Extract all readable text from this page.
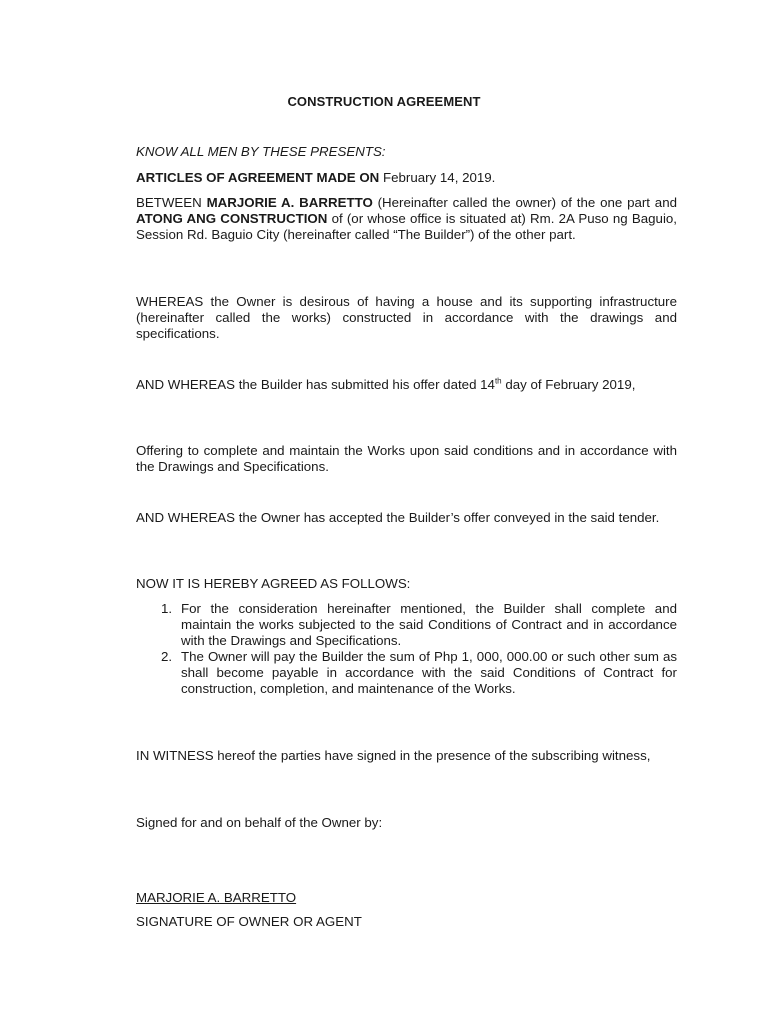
CONSTRUCTION AGREEMENT

KNOW ALL MEN BY THESE PRESENTS:

ARTICLES OF AGREEMENT MADE ON February 14, 2019.

BETWEEN MARJORIE A. BARRETTO (Hereinafter called the owner) of the one part and ATONG ANG CONSTRUCTION of (or whose office is situated at) Rm. 2A Puso ng Baguio, Session Rd. Baguio City (hereinafter called “The Builder”) of the other part.

WHEREAS the Owner is desirous of having a house and its supporting infrastructure (hereinafter called the works) constructed in accordance with the drawings and specifications.

AND WHEREAS the Builder has submitted his offer dated 14th day of February 2019,

Offering to complete and maintain the Works upon said conditions and in accordance with the Drawings and Specifications.

AND WHEREAS the Owner has accepted the Builder’s offer conveyed in the said tender.

NOW IT IS HEREBY AGREED AS FOLLOWS:

1. For the consideration hereinafter mentioned, the Builder shall complete and maintain the works subjected to the said Conditions of Contract and in accordance with the Drawings and Specifications.
2. The Owner will pay the Builder the sum of Php 1, 000, 000.00 or such other sum as shall become payable in accordance with the said Conditions of Contract for construction, completion, and maintenance of the Works.

IN WITNESS hereof the parties have signed in the presence of the subscribing witness,

Signed for and on behalf of the Owner by:

MARJORIE A. BARRETTO

SIGNATURE OF OWNER OR AGENT
